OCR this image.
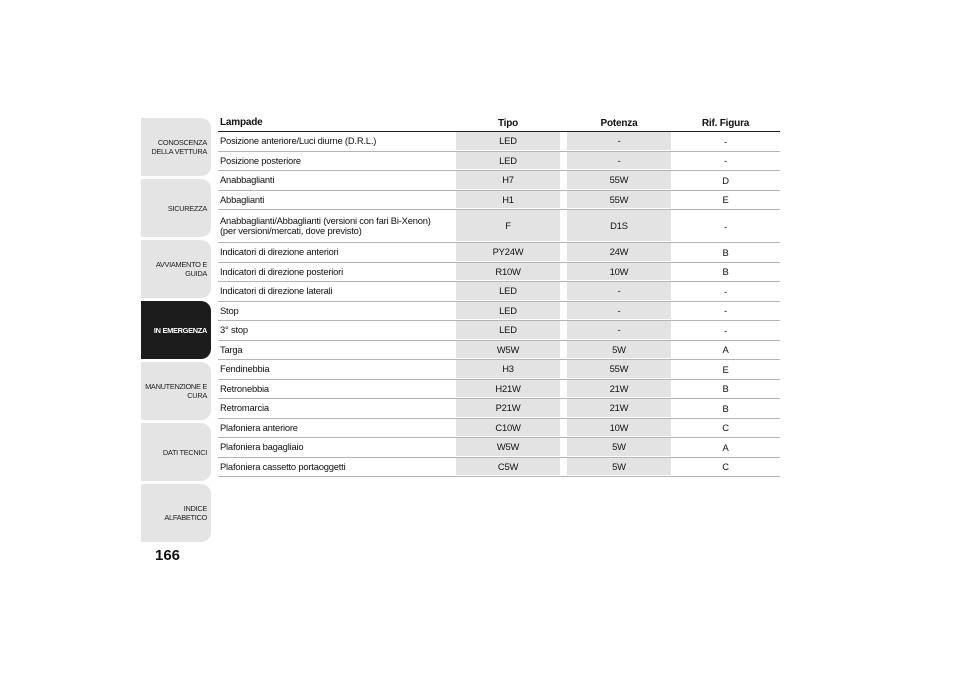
CONOSCENZA
DELLA VETTURA
SICUREZZA
AVVIAMENTO E
GUIDA
IN EMERGENZA
MANUTENZIONE E
CURA
DATI TECNICI
INDICE ALFABETICO
166
Lampade	Tipo	Potenza	Rif. Figura
Posizione anteriore/Luci diurne (D.R.L.)	LED	-	-
Posizione posteriore	LED	-	-
Anabbaglianti	H7	55W	D
Abbaglianti	H1	55W	E
Anabbaglianti/Abbaglianti (versioni con fari Bi-Xenon)
(per versioni/mercati, dove previsto)	F	D1S	-
Indicatori di direzione anteriori	PY24W	24W	B
Indicatori di direzione posteriori	R10W	10W	B
Indicatori di direzione laterali	LED	-	-
Stop	LED	-	-
3° stop	LED	-	-
Targa	W5W	5W	A
Fendinebbia	H3	55W	E
Retronebbia	H21W	21W	B
Retromarcia	P21W	21W	B
Plafoniera anteriore	C10W	10W	C
Plafoniera bagagliaio	W5W	5W	A
Plafoniera cassetto portaoggetti	C5W	5W	C
